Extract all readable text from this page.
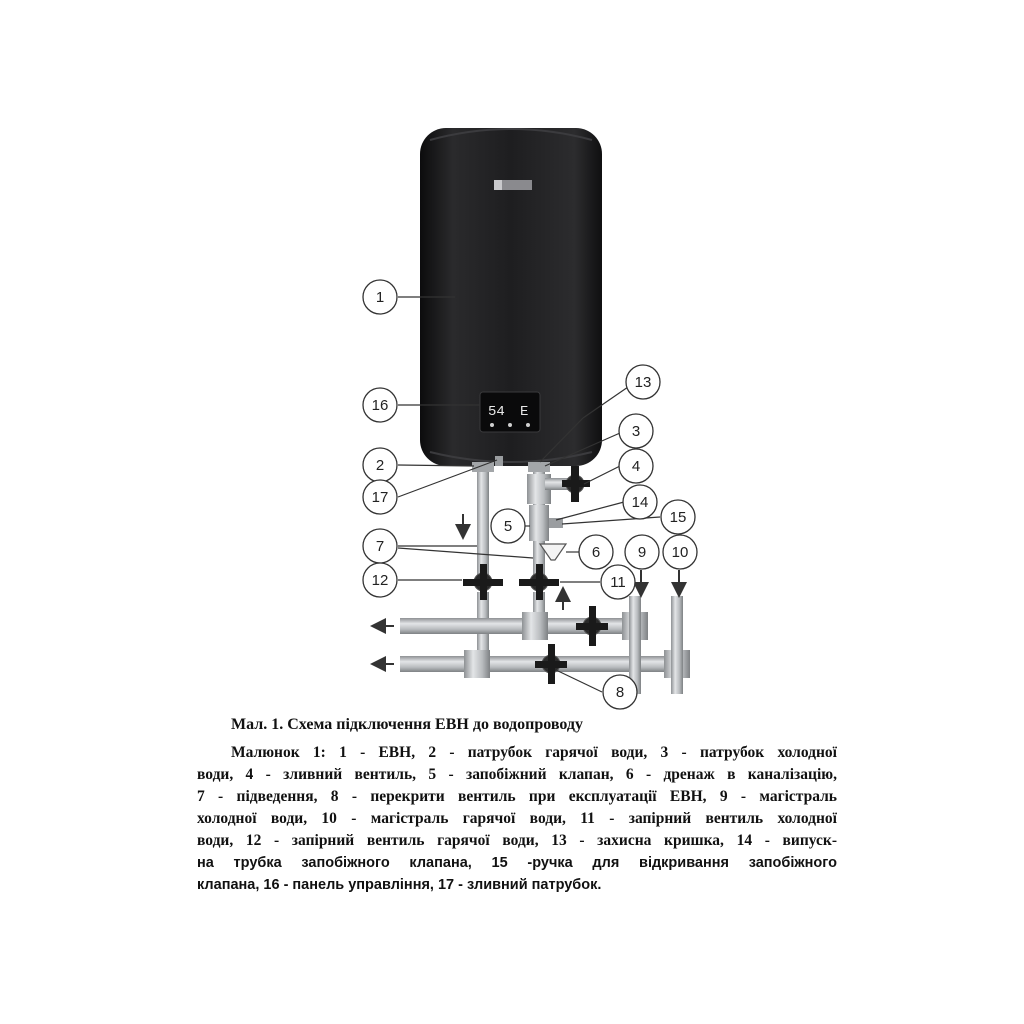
54 E
1
2
3
4
5
6
7
8
9 10
11
12
13
14
15
16
17
Мал. 1. Схема підключення ЕВН до водопроводу
Малюнок 1: 1 - ЕВН, 2 - патрубок гарячої води, 3 - патрубок холодної
води, 4 - зливний вентиль, 5 - запобіжний клапан, 6 - дренаж в каналізацію,
7 - підведення, 8 - перекрити вентиль при експлуатації ЕВН, 9 - магістраль
холодної води, 10 - магістраль гарячої води, 11 - запірний вентиль холодної
води, 12 - запірний вентиль гарячої води, 13 - захисна кришка, 14 - випуск-
на трубка запобіжного клапана, 15 -ручка для відкривання запобіжного
клапана, 16 - панель управління, 17 - зливний патрубок.
